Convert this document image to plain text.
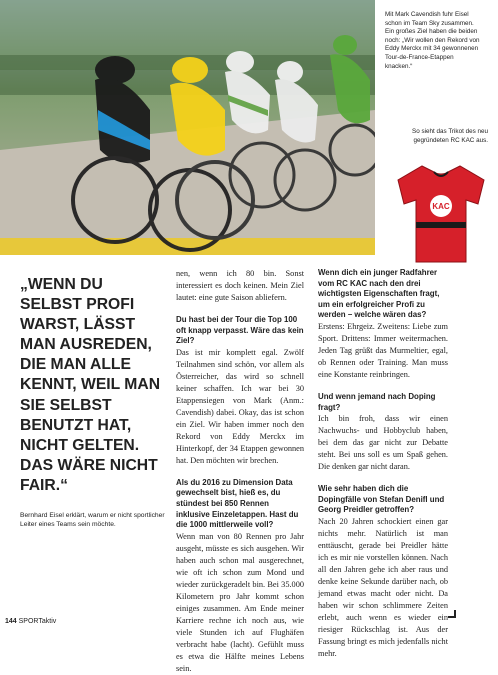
Mit Mark Cavendish fuhr Eisel schon im Team Sky zusammen. Ein großes Ziel haben die beiden noch: „Wir wollen den Rekord von Eddy Merckx mit 34 gewonnenen Tour-de-France-Etappen knacken.“
So sieht das Trikot des neu gegründeten RC KAC aus.
KAC
„WENN DU SELBST PROFI WARST, LÄSST MAN AUSREDEN, DIE MAN ALLE KENNT, WEIL MAN SIE SELBST BENUTZT HAT, NICHT GELTEN. DAS WÄRE NICHT FAIR.“
Bernhard Eisel erklärt, warum er nicht sportlicher Leiter eines Teams sein möchte.

nen, wenn ich 80 bin. Sonst interessiert es doch keinen. Mein Ziel lautet: eine gute Saison abliefern.

Du hast bei der Tour die Top 100 oft knapp verpasst. Wäre das kein Ziel?

Das ist mir komplett egal. Zwölf Teilnahmen sind schön, vor allem als Österreicher, das wird so schnell keiner schaffen. Ich war bei 30 Etappensiegen von Mark (Anm.: Cavendish) dabei. Okay, das ist schon ein Ziel. Wir haben immer noch den Rekord von Eddy Merckx im Hinterkopf, der 34 Etappen gewonnen hat. Den möchten wir brechen.

Als du 2016 zu Dimension Data gewechselt bist, hieß es, du stündest bei 850 Rennen inklusive Einzeletappen. Hast du die 1000 mittlerweile voll?

Wenn man von 80 Rennen pro Jahr ausgeht, müsste es sich ausgehen. Wir haben auch schon mal ausgerechnet, wie oft ich schon zum Mond und wieder zurückgeradelt bin. Bei 35.000 Kilometern pro Jahr kommt schon einiges zusammen. Am Ende meiner Karriere rechne ich noch aus, wie viele Stunden ich auf Flughäfen verbracht habe (lacht). Gefühlt muss es etwa die Hälfte meines Lebens sein.

Wenn dich ein junger Radfahrer vom RC KAC nach den drei wichtigsten Eigenschaften fragt, um ein erfolgreicher Profi zu werden – welche wären das?

Erstens: Ehrgeiz. Zweitens: Liebe zum Sport. Drittens: Immer weitermachen. Jeden Tag grüßt das Murmeltier, egal, ob Rennen oder Training. Man muss eine Konstante reinbringen.

Und wenn jemand nach Doping fragt?

Ich bin froh, dass wir einen Nachwuchs- und Hobbyclub haben, bei dem das gar nicht zur Debatte steht. Bei uns soll es um Spaß gehen. Die denken gar nicht daran.

Wie sehr haben dich die Dopingfälle von Stefan Denifl und Georg Preidler getroffen?

Nach 20 Jahren schockiert einen gar nichts mehr. Natürlich ist man enttäuscht, gerade bei Preidler hätte ich es mir nie vorstellen können. Nach all den Jahren gehe ich aber raus und denke keine Sekunde darüber nach, ob jemand etwas macht oder nicht. Da haben wir schon schlimmere Zeiten erlebt, auch wenn es wieder ein riesiger Rückschlag ist. Aus der Fassung bringt es mich jedenfalls nicht mehr.

144 SPORTaktiv
